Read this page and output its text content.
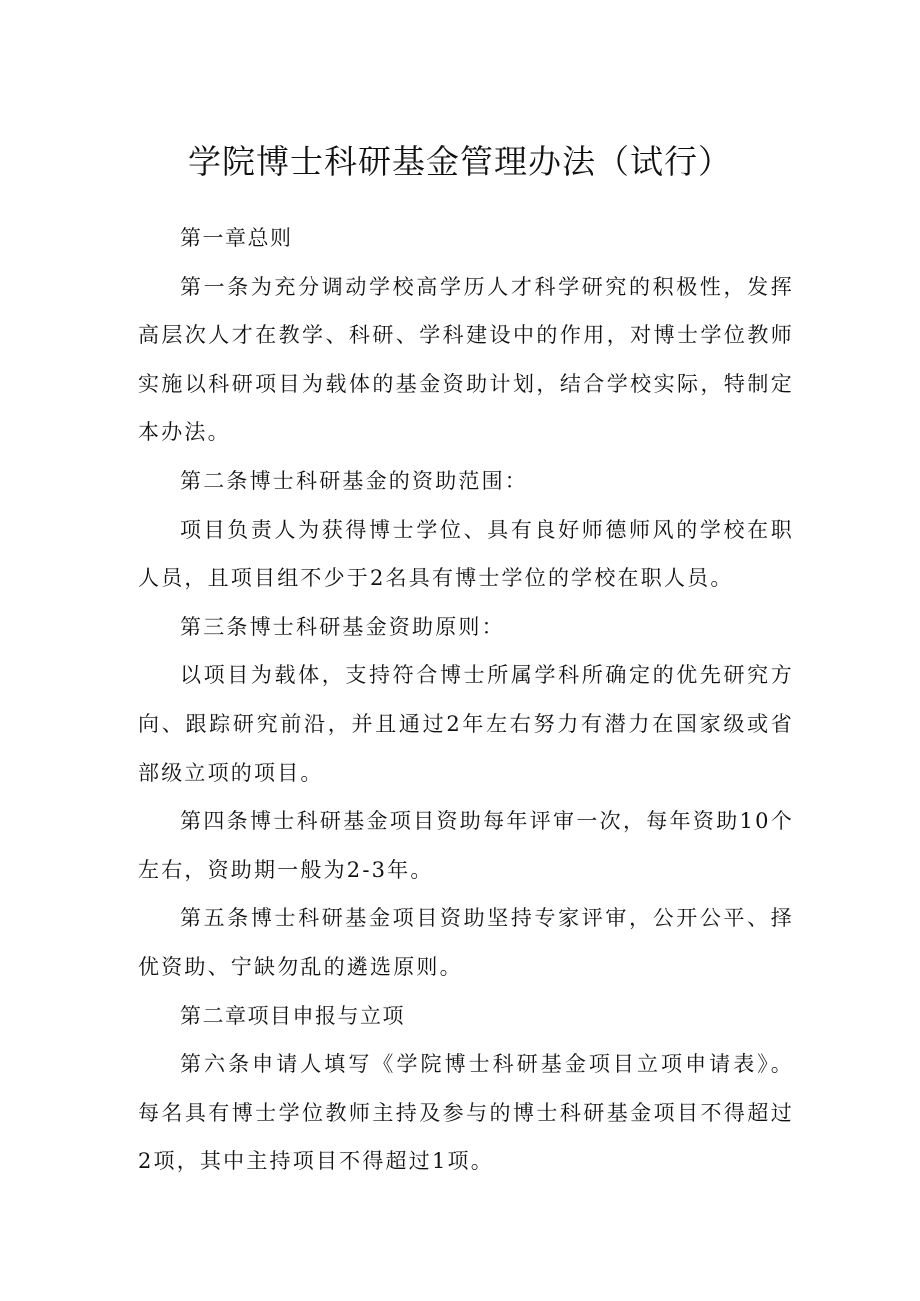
学院博士科研基金管理办法（试行）

第一章总则

第一条为充分调动学校高学历人才科学研究的积极性，发挥高层次人才在教学、科研、学科建设中的作用，对博士学位教师实施以科研项目为载体的基金资助计划，结合学校实际，特制定本办法。

第二条博士科研基金的资助范围：

项目负责人为获得博士学位、具有良好师德师风的学校在职人员，且项目组不少于2名具有博士学位的学校在职人员。

第三条博士科研基金资助原则：

以项目为载体，支持符合博士所属学科所确定的优先研究方向、跟踪研究前沿，并且通过2年左右努力有潜力在国家级或省部级立项的项目。

第四条博士科研基金项目资助每年评审一次，每年资助10个左右，资助期一般为2-3年。

第五条博士科研基金项目资助坚持专家评审，公开公平、择优资助、宁缺勿乱的遴选原则。

第二章项目申报与立项

第六条申请人填写《学院博士科研基金项目立项申请表》。每名具有博士学位教师主持及参与的博士科研基金项目不得超过2项，其中主持项目不得超过1项。
